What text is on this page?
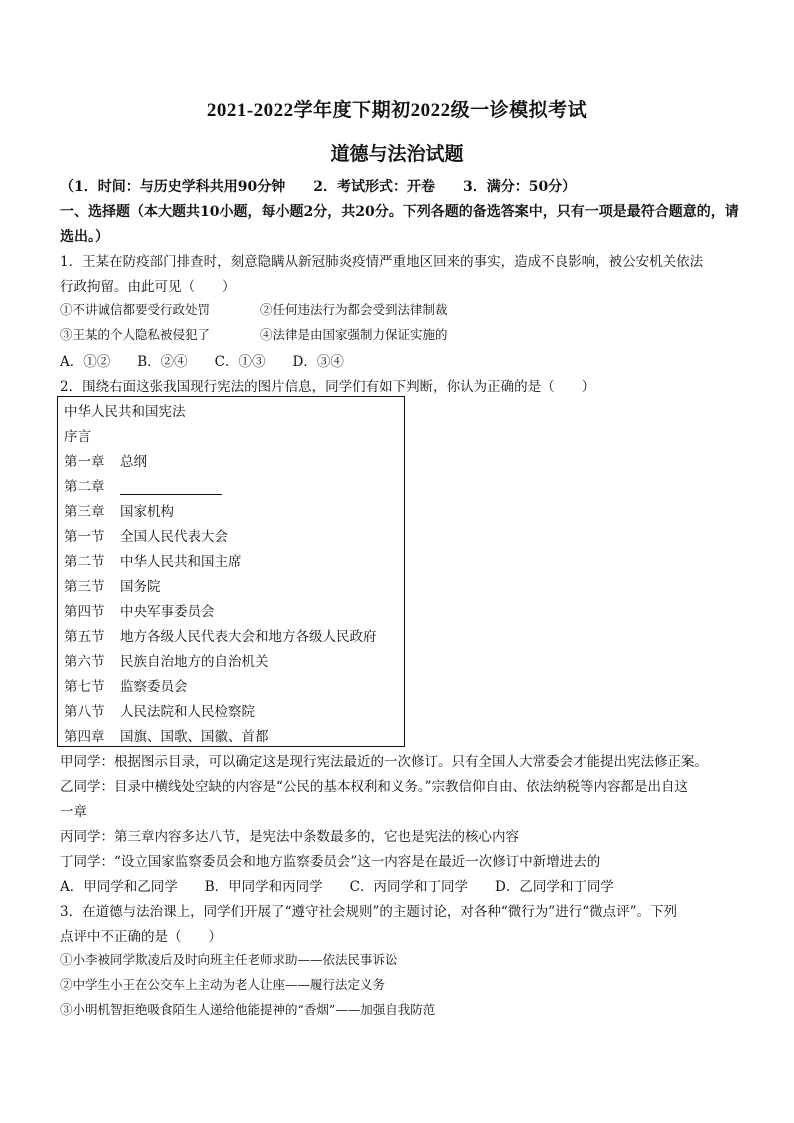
2021-2022学年度下期初2022级一诊模拟考试
道德与法治试题
（1．时间：与历史学科共用90分钟　　2．考试形式：开卷　　3．满分：50分）
一、选择题（本大题共10小题，每小题2分，共20分。下列各题的备选答案中，只有一项是最符合题意的，请选出。）
1．王某在防疫部门排查时，刻意隐瞒从新冠肺炎疫情严重地区回来的事实，造成不良影响，被公安机关依法
行政拘留。由此可见（　　）
①不讲诚信都要受行政处罚	②任何违法行为都会受到法律制裁
③王某的个人隐私被侵犯了	④法律是由国家强制力保证实施的
A．①②　　B．②④　　C．①③　　D．③④
2．围绕右面这张我国现行宪法的图片信息，同学们有如下判断，你认为正确的是（　　）
中华人民共和国宪法
序言
第一章 总纲
第二章
第三章 国家机构
第一节 全国人民代表大会
第二节 中华人民共和国主席
第三节 国务院
第四节 中央军事委员会
第五节 地方各级人民代表大会和地方各级人民政府
第六节 民族自治地方的自治机关
第七节 监察委员会
第八节 人民法院和人民检察院
第四章 国旗、国歌、国徽、首都
甲同学：根据图示目录，可以确定这是现行宪法最近的一次修订。只有全国人大常委会才能提出宪法修正案。
乙同学：目录中横线处空缺的内容是“公民的基本权利和义务。”宗教信仰自由、依法纳税等内容都是出自这
一章
丙同学：第三章内容多达八节，是宪法中条数最多的，它也是宪法的核心内容
丁同学：“设立国家监察委员会和地方监察委员会”这一内容是在最近一次修订中新增进去的
A．甲同学和乙同学　　B．甲同学和丙同学　　C．丙同学和丁同学　　D．乙同学和丁同学
3．在道德与法治课上，同学们开展了“遵守社会规则”的主题讨论，对各种“微行为”进行“微点评”。下列
点评中不正确的是（　　）
①小李被同学欺凌后及时向班主任老师求助——依法民事诉讼
②中学生小王在公交车上主动为老人让座——履行法定义务
③小明机智拒绝吸食陌生人递给他能提神的“香烟”——加强自我防范
